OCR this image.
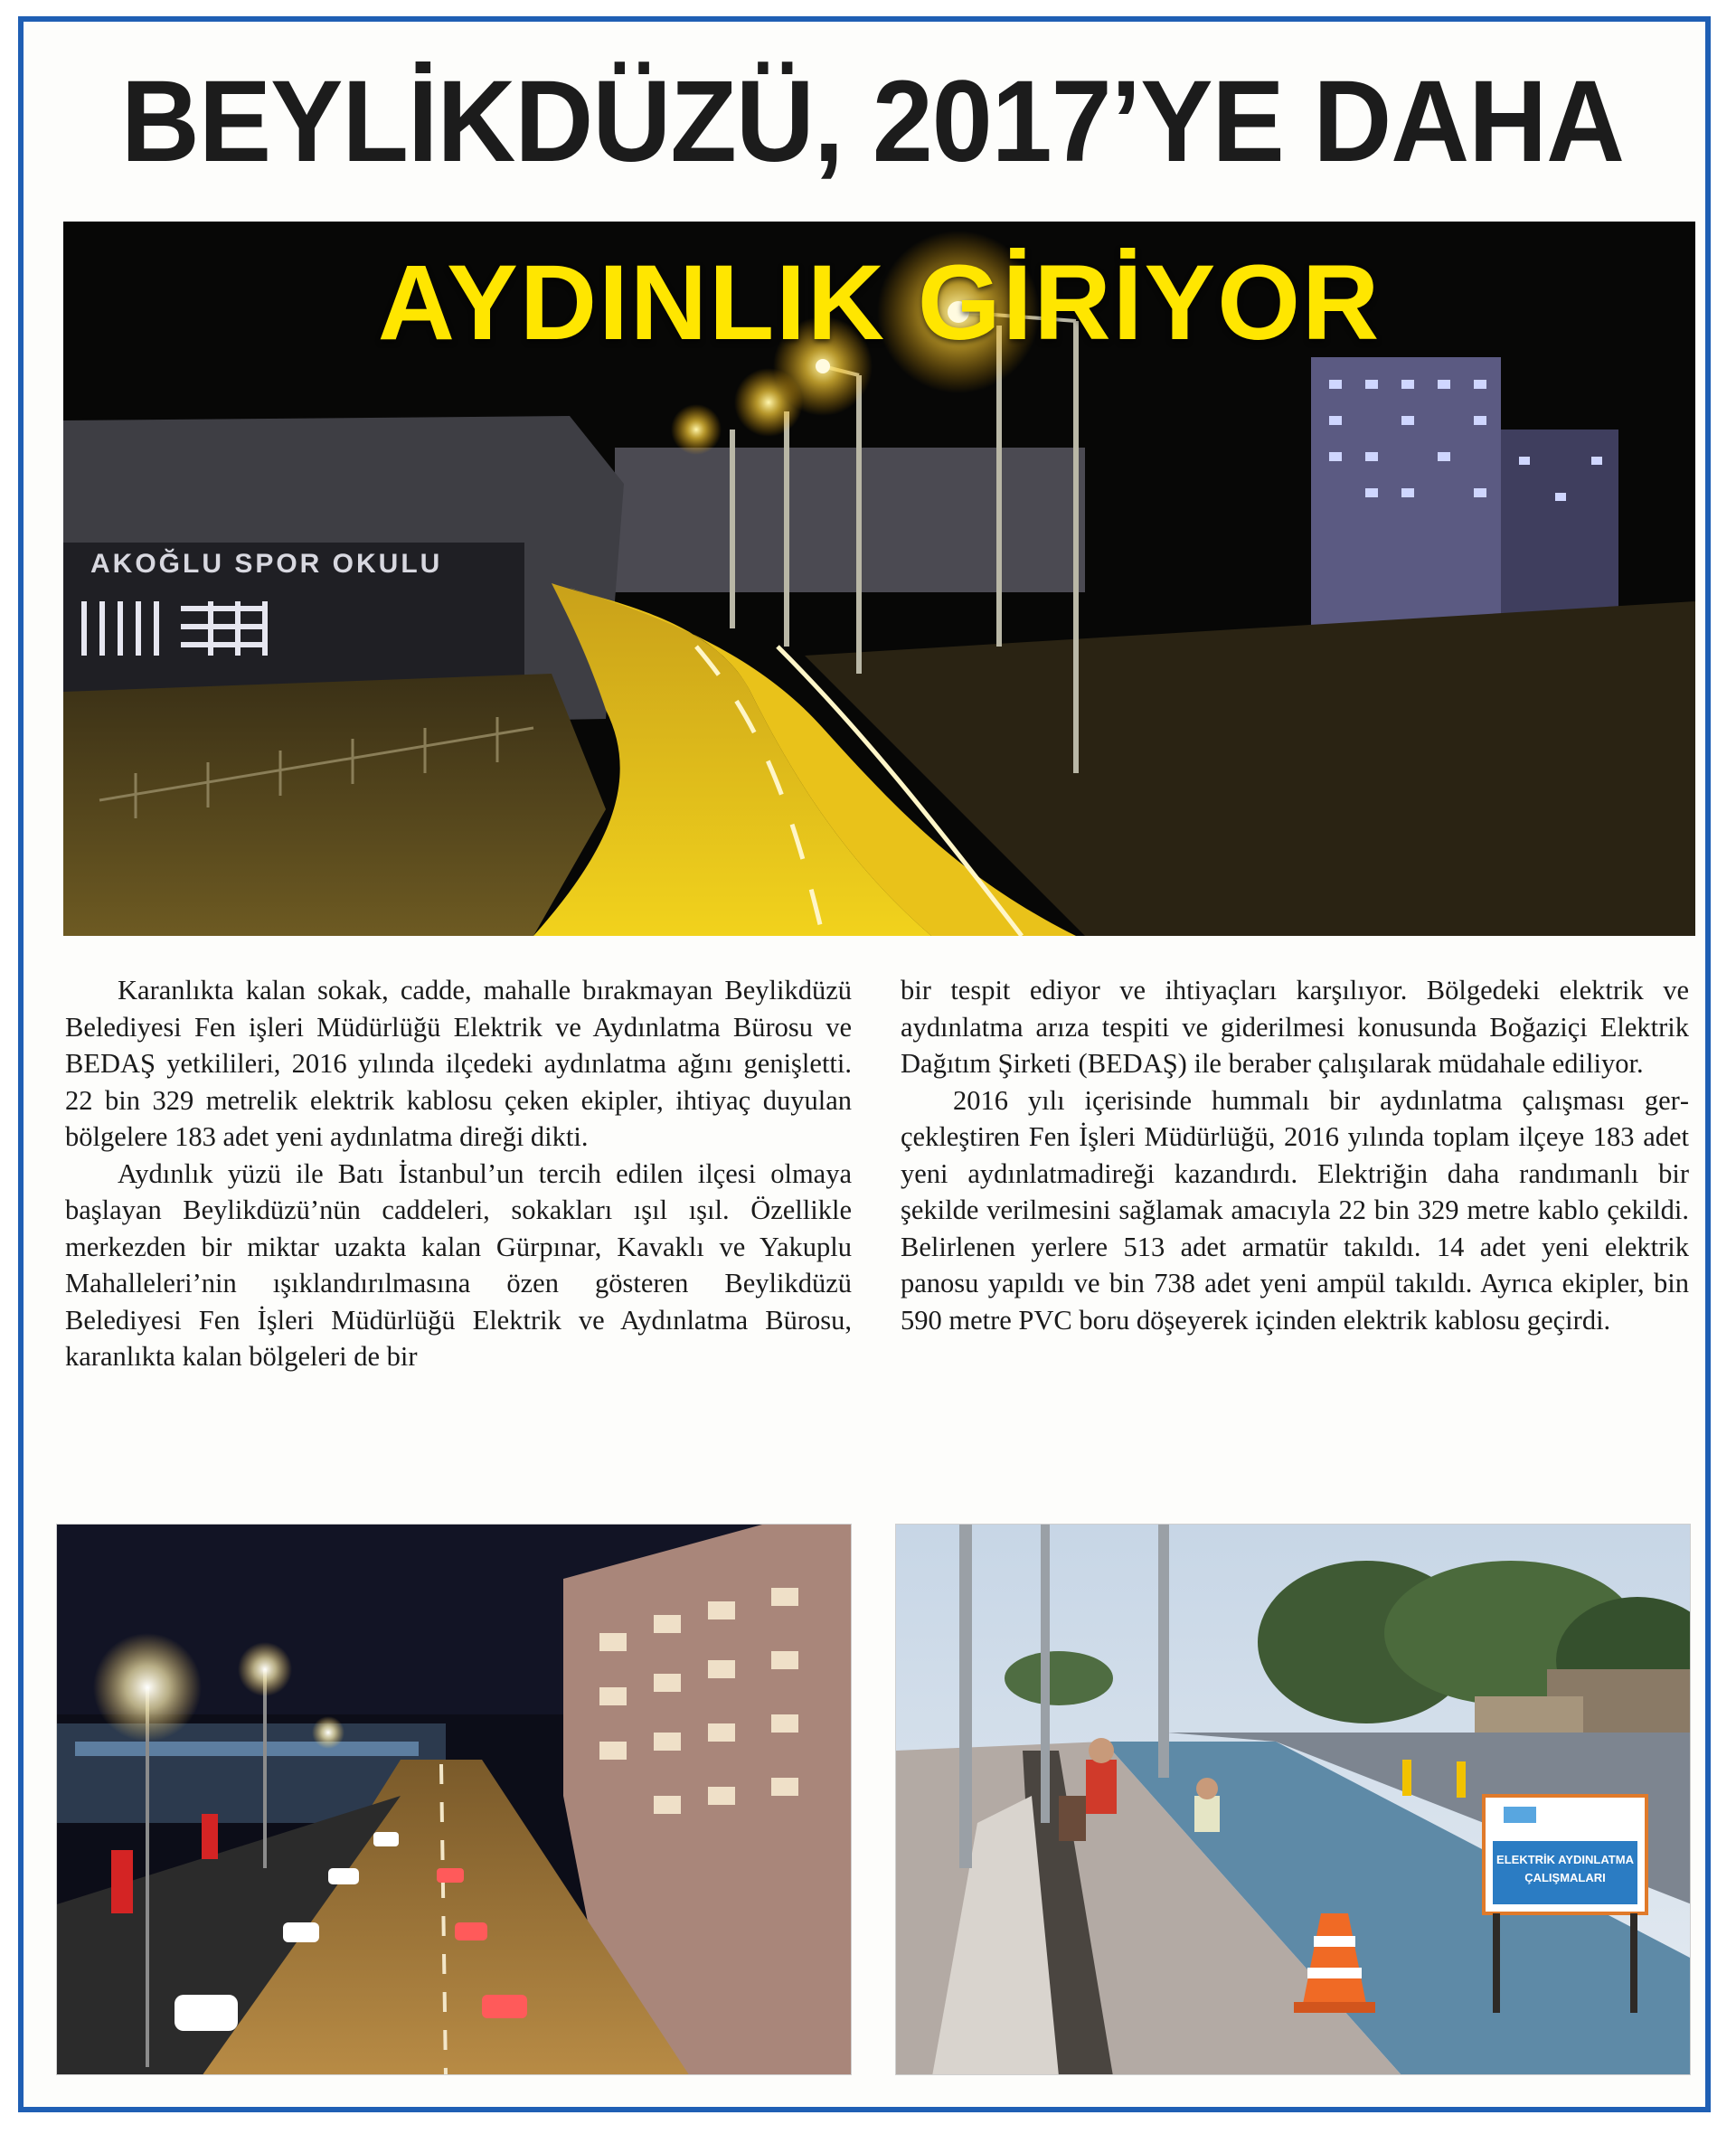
BEYLİKDÜZÜ, 2017’YE DAHA
AKOĞLU SPOR OKULU
AYDINLIK GİRİYOR

Karanlıkta kalan sokak, cadde, mahalle bırakmayan Beylikdüzü Belediyesi Fen işleri Müdürlüğü Elektrik ve Aydınlatma Bürosu ve BEDAŞ yetkilileri, 2016 yılında ilçedeki aydınlatma ağını genişletti. 22 bin 329 metrelik elektrik kablosu çeken ekipler, ihtiyaç duyulan bölgelere 183 adet yeni aydınlatma direği dikti.

Aydınlık yüzü ile Batı İstanbul’un tercih edilen ilçesi olmaya başlayan Beylikdüzü’nün caddeleri, sokakları ışıl ışıl. Özellikle merkezden bir miktar uzakta kalan Gürpınar, Kavaklı ve Yakuplu Mahalleleri’nin ışıklandırılmasına özen gösteren Beylikdüzü Belediyesi Fen İşleri Müdürlüğü Elektrik ve Aydınlatma Bürosu, karanlıkta kalan bölgeleri de bir

bir tespit ediyor ve ihtiyaçları karşılıyor. Bölgedeki elektrik ve aydınlatma arıza tespiti ve giderilmesi konusunda Boğaziçi Elektrik Dağıtım Şirketi (BEDAŞ) ile beraber çalışılarak müdahale ediliyor.

2016 yılı içerisinde hummalı bir aydınlatma çalışması gerçekleştiren Fen İşleri Müdürlüğü, 2016 yılında toplam ilçeye 183 adet yeni aydınlatmadireği kazandırdı. Elektriğin daha randımanlı bir şekilde verilmesini sağlamak amacıyla 22 bin 329 metre kablo çekildi. Belirlenen yerlere 513 adet armatür takıldı. 14 adet yeni elektrik panosu yapıldı ve bin 738 adet yeni ampül takıldı. Ayrıca ekipler, bin 590 metre PVC boru döşeyerek içinden elektrik kablosu geçirdi.

ELEKTRİK AYDINLATMA
ÇALIŞMALARI
